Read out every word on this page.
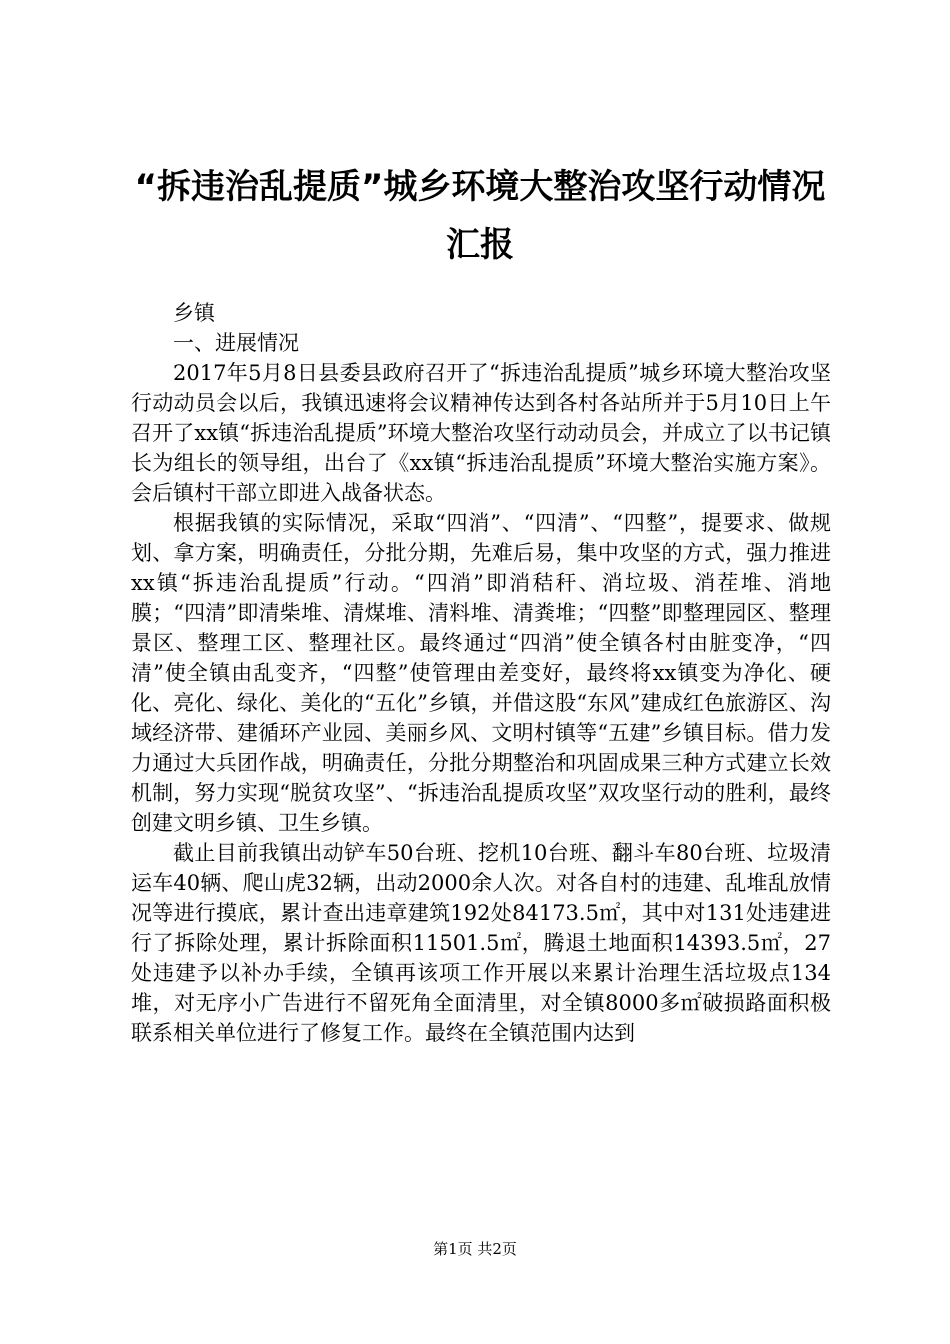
“拆违治乱提质”城乡环境大整治攻坚行动情况汇报

乡镇

一、进展情况

2017年5月8日县委县政府召开了“拆违治乱提质”城乡环境大整治攻坚行动动员会以后，我镇迅速将会议精神传达到各村各站所并于5月10日上午召开了xx镇“拆违治乱提质”环境大整治攻坚行动动员会，并成立了以书记镇长为组长的领导组，出台了《xx镇“拆违治乱提质”环境大整治实施方案》。会后镇村干部立即进入战备状态。

根据我镇的实际情况，采取“四消”、“四清”、“四整”，提要求、做规划、拿方案，明确责任，分批分期，先难后易，集中攻坚的方式，强力推进xx镇“拆违治乱提质”行动。“四消”即消秸秆、消垃圾、消茬堆、消地膜；“四清”即清柴堆、清煤堆、清料堆、清粪堆；“四整”即整理园区、整理景区、整理工区、整理社区。最终通过“四消”使全镇各村由脏变净，“四清”使全镇由乱变齐，“四整”使管理由差变好，最终将xx镇变为净化、硬化、亮化、绿化、美化的“五化”乡镇，并借这股“东风”建成红色旅游区、沟域经济带、建循环产业园、美丽乡风、文明村镇等“五建”乡镇目标。借力发力通过大兵团作战，明确责任，分批分期整治和巩固成果三种方式建立长效机制，努力实现“脱贫攻坚”、“拆违治乱提质攻坚”双攻坚行动的胜利，最终创建文明乡镇、卫生乡镇。

截止目前我镇出动铲车50台班、挖机10台班、翻斗车80台班、垃圾清运车40辆、爬山虎32辆，出动2000余人次。对各自村的违建、乱堆乱放情况等进行摸底，累计查出违章建筑192处84173.5㎡，其中对131处违建进行了拆除处理，累计拆除面积11501.5㎡，腾退土地面积14393.5㎡，27处违建予以补办手续，全镇再该项工作开展以来累计治理生活垃圾点134堆，对无序小广告进行不留死角全面清里，对全镇8000多㎡破损路面积极联系相关单位进行了修复工作。最终在全镇范围内达到

第1页 共2页
